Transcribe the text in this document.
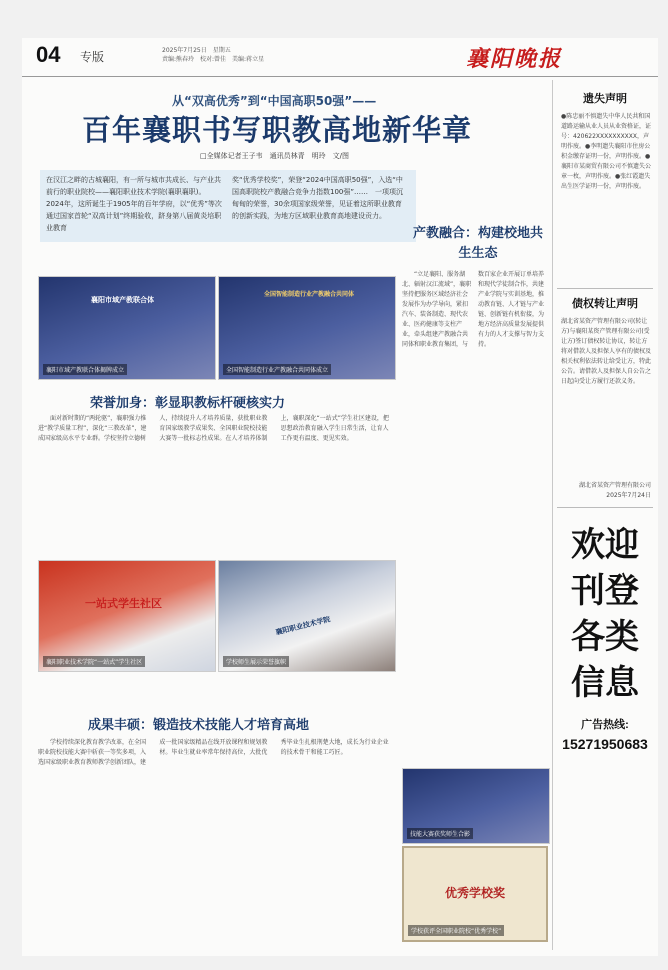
04 专版	2025年7月25日　星期五
责编:熊春玲　校对:曾佳　美编:蒋立星	襄阳晚报
从“双高优秀”到“中国高职50强”——
百年襄职书写职教高地新华章
□全媒体记者王子韦　通讯员林青　明玲　文/图
在汉江之畔的古城襄阳，有一所与城市共成长、与产业共前行的职业院校——襄阳职业技术学院(襄职襄职)。　2024年，这所诞生于1905年的百年学府，以“优秀”等次通过国家首轮“双高计划”终期验收，跻身第八届黄炎培职业教育
奖“优秀学校奖”，荣登“2024中国高职50强”，入选“中国高职院校产教融合竞争力指数100强”……　一项项沉甸甸的荣誉，30余项国家级荣誉，见证着这所职业教育的创新实践，为地方区域职业教育高地建设贡力。
襄阳市域产教联合体
襄阳市域产教联合体揭牌成立
全国智能制造行业产教融合共同体
全国智能制造行业产教融合共同体成立
荣誉加身：彰显职教标杆硬核实力

面对新时期的“两轮驱”，襄职强力推进“教学质量工程”，深化“三教改革”，建成国家级高水平专业群。学校坚持立德树人，持续提升人才培养质量，获批职业教育国家级教学成果奖、全国职业院校技能大赛等一批标志性成果。在人才培养体制上，襄职深化“一站式”学生社区建设，把思想政治教育融入学生日常生活，让育人工作更有温度、更见实效。

一站式学生社区
襄阳职业技术学院“一站式”学生社区
襄阳职业技术学院
学校师生展示荣誉旗帜
成果丰硕：锻造技术技能人才培育高地

学校持续深化教育教学改革，在全国职业院校技能大赛中斩获一等奖多项，入选国家级职业教育教师教学创新团队，建成一批国家级精品在线开放课程和规划教材。毕业生就业率常年保持高位，大批优秀毕业生扎根荆楚大地，成长为行业企业的技术骨干和能工巧匠。

产教融合：构建校地共生生态

“立足襄阳、服务湖北、辐射汉江流域”，襄职坚持把服务区域经济社会发展作为办学导向，紧扣汽车、装备制造、现代农业、医药健康等支柱产业，牵头组建产教融合共同体和职业教育集团，与数百家企业开展订单培养和现代学徒制合作，共建产业学院与实训基地，推动教育链、人才链与产业链、创新链有机衔接，为地方经济高质量发展提供有力的人才支撑与智力支持。

技能大赛获奖师生合影
优秀学校奖
学校获评全国职业院校“优秀学校”
遗失声明
●陈忠丽不慎遗失中华人民共和国道路运输从业人员从业资格证，证号：420622XXXXXXXXXX，声明作废。●李明遗失襄阳市住房公积金缴存证明一份，声明作废。●襄阳市某商贸有限公司不慎遗失公章一枚，声明作废。●张红霞遗失出生医学证明一份，声明作废。
债权转让声明
湖北省某资产管理有限公司(转让方)与襄阳某资产管理有限公司(受让方)签订债权转让协议，转让方将对借款人及担保人享有的债权及相关权利依法转让给受让方，特此公告。请借款人及担保人自公告之日起向受让方履行还款义务。
湖北省某资产管理有限公司　2025年7月24日
欢迎
刊登
各类
信息
广告热线:
15271950683
